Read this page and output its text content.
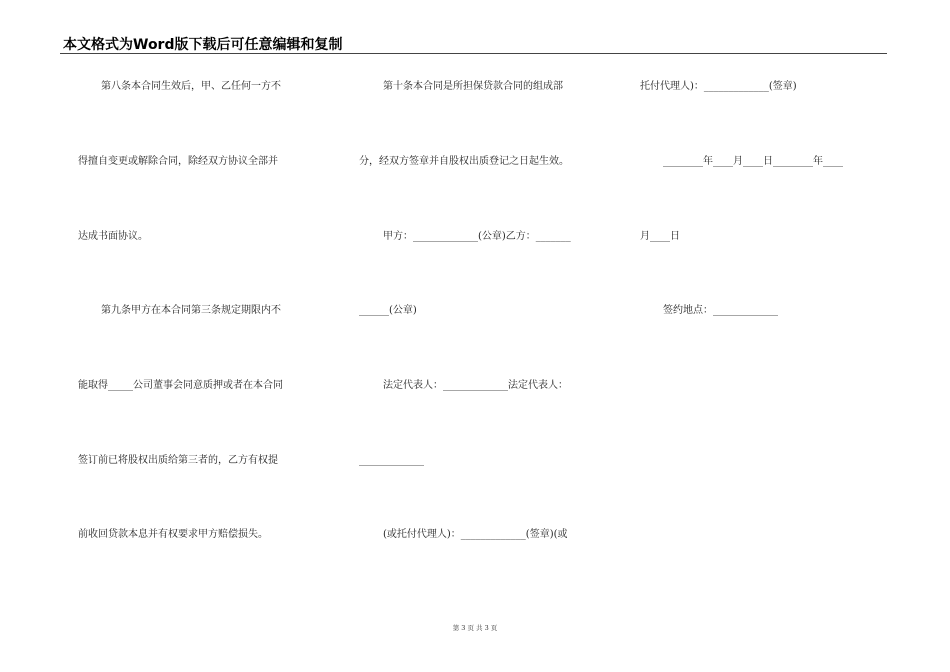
本文格式为Word版下载后可任意编辑和复制
第八条本合同生效后，甲、乙任何一方不
得擅自变更或解除合同，除经双方协议全部并
达成书面协议。
第九条甲方在本合同第三条规定期限内不
能取得_____公司董事会同意质押或者在本合同
签订前已将股权出质给第三者的，乙方有权提
前收回贷款本息并有权要求甲方赔偿损失。
第十条本合同是所担保贷款合同的组成部
分，经双方签章并自股权出质登记之日起生效。
甲方：_____________(公章)乙方：_______
______(公章)
法定代表人：_____________法定代表人：
_____________
(或托付代理人)：_____________(签章)(或
托付代理人)：_____________(签章)
________年____月____日________年____
月____日
签约地点：_____________
第 3 页 共 3 页
